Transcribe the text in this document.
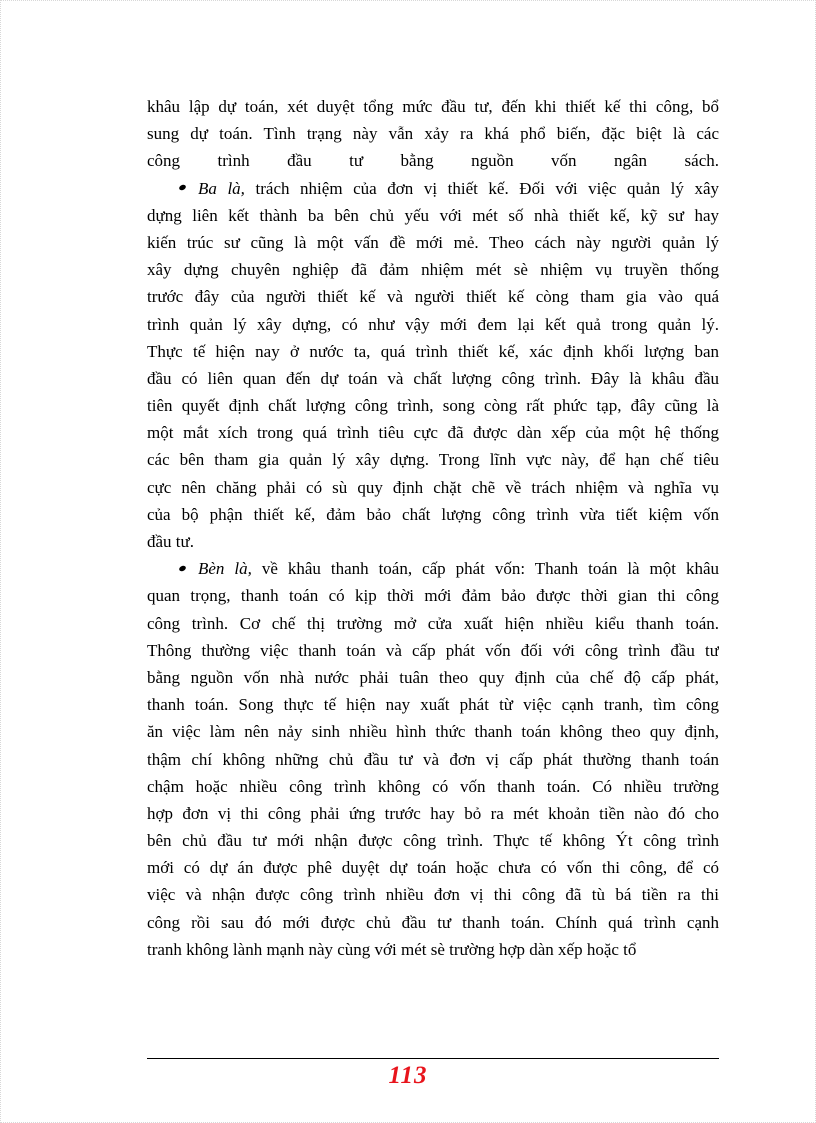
khâu lập dự toán, xét duyệt tổng mức đầu tư, đến khi thiết kế thi công, bổ
sung dự toán. Tình trạng này vẫn xảy ra khá phổ biến, đặc biệt là các
công trình đầu tư bằng nguồn vốn ngân sách.
Ba là, trách nhiệm của đơn vị thiết kế. Đối với việc quản lý xây
dựng liên kết thành ba bên chủ yếu với mét số nhà thiết kế, kỹ sư hay
kiến trúc sư cũng là một vấn đề mới mẻ. Theo cách này người quản lý
xây dựng chuyên nghiệp đã đảm nhiệm mét sè nhiệm vụ truyền thống
trước đây của người thiết kế và người thiết kế còng tham gia vào quá
trình quản lý xây dựng, có như vậy mới đem lại kết quả trong quản lý.
Thực tế hiện nay ở nước ta, quá trình thiết kế, xác định khối lượng ban
đầu có liên quan đến dự toán và chất lượng công trình. Đây là khâu đầu
tiên quyết định chất lượng công trình, song còng rất phức tạp, đây cũng là
một mắt xích trong quá trình tiêu cực đã được dàn xếp của một hệ thống
các bên tham gia quản lý xây dựng. Trong lĩnh vực này, để hạn chế tiêu
cực nên chăng phải có sù quy định chặt chẽ về trách nhiệm và nghĩa vụ
của bộ phận thiết kế, đảm bảo chất lượng công trình vừa tiết kiệm vốn
đầu tư.
Bèn là, về khâu thanh toán, cấp phát vốn: Thanh toán là một khâu
quan trọng, thanh toán có kịp thời mới đảm bảo được thời gian thi công
công trình. Cơ chế thị trường mở cửa xuất hiện nhiều kiểu thanh toán.
Thông thường việc thanh toán và cấp phát vốn đối với công trình đầu tư
bằng nguồn vốn nhà nước phải tuân theo quy định của chế độ cấp phát,
thanh toán. Song thực tế hiện nay xuất phát từ việc cạnh tranh, tìm công
ăn việc làm nên nảy sinh nhiều hình thức thanh toán không theo quy định,
thậm chí không những chủ đầu tư và đơn vị cấp phát thường thanh toán
chậm hoặc nhiều công trình không có vốn thanh toán. Có nhiều trường
hợp đơn vị thi công phải ứng trước hay bỏ ra mét khoản tiền nào đó cho
bên chủ đầu tư mới nhận được công trình. Thực tế không Ýt công trình
mới có dự án được phê duyệt dự toán hoặc chưa có vốn thi công, để có
việc và nhận được công trình nhiều đơn vị thi công đã tù bá tiền ra thi
công rồi sau đó mới được chủ đầu tư thanh toán. Chính quá trình cạnh
tranh không lành mạnh này cùng với mét sè trường hợp dàn xếp hoặc tổ
113
